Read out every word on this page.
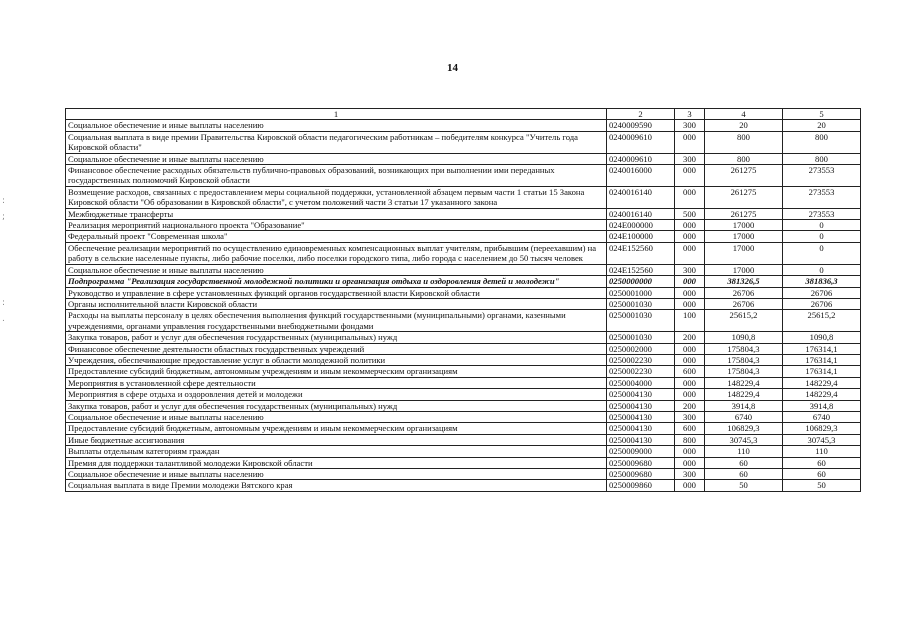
14
:
;
:
.
1	2	3	4	5
Социальное обеспечение и иные выплаты населению	0240009590	300	20	20
Социальная выплата в виде премии Правительства Кировской области педагогическим работникам – победителям конкурса "Учитель года Кировской области"	0240009610	000	800	800
Социальное обеспечение и иные выплаты населению	0240009610	300	800	800
Финансовое обеспечение расходных обязательств публично-правовых образований, возникающих при выполнении ими переданных государственных полномочий Кировской области	0240016000	000	261275	273553
Возмещение расходов, связанных с предоставлением меры социальной поддержки, установленной абзацем первым части 1 статьи 15 Закона Кировской области "Об образовании в Кировской области", с учетом положений части 3 статьи 17 указанного закона	0240016140	000	261275	273553
Межбюджетные трансферты	0240016140	500	261275	273553
Реализация мероприятий национального проекта "Образование"	024E000000	000	17000	0
Федеральный проект "Современная школа"	024E100000	000	17000	0
Обеспечение реализации мероприятий по осуществлению единовременных компенсационных выплат учителям, прибывшим (переехавшим) на работу в сельские населенные пункты, либо рабочие поселки, либо поселки городского типа, либо города с населением до 50 тысяч человек	024E152560	000	17000	0
Социальное обеспечение и иные выплаты населению	024E152560	300	17000	0
Подпрограмма "Реализация государственной молодежной политики и организация отдыха и оздоровления детей и молодежи"	0250000000	000	381326,5	381836,3
Руководство и управление в сфере установленных функций органов государственной власти Кировской области	0250001000	000	26706	26706
Органы исполнительной власти Кировской области	0250001030	000	26706	26706
Расходы на выплаты персоналу в целях обеспечения выполнения функций государственными (муниципальными) органами, казенными учреждениями, органами управления государственными внебюджетными фондами	0250001030	100	25615,2	25615,2
Закупка товаров, работ и услуг для обеспечения государственных (муниципальных) нужд	0250001030	200	1090,8	1090,8
Финансовое обеспечение деятельности областных государственных учреждений	0250002000	000	175804,3	176314,1
Учреждения, обеспечивающие предоставление услуг в области молодежной политики	0250002230	000	175804,3	176314,1
Предоставление субсидий бюджетным, автономным учреждениям и иным некоммерческим организациям	0250002230	600	175804,3	176314,1
Мероприятия в установленной сфере деятельности	0250004000	000	148229,4	148229,4
Мероприятия в сфере отдыха и оздоровления детей и молодежи	0250004130	000	148229,4	148229,4
Закупка товаров, работ и услуг для обеспечения государственных (муниципальных) нужд	0250004130	200	3914,8	3914,8
Социальное обеспечение и иные выплаты населению	0250004130	300	6740	6740
Предоставление субсидий бюджетным, автономным учреждениям и иным некоммерческим организациям	0250004130	600	106829,3	106829,3
Иные бюджетные ассигнования	0250004130	800	30745,3	30745,3
Выплаты отдельным категориям граждан	0250009000	000	110	110
Премия для поддержки талантливой молодежи Кировской области	0250009680	000	60	60
Социальное обеспечение и иные выплаты населению	0250009680	300	60	60
Социальная выплата в виде Премии молодежи Вятского края	0250009860	000	50	50
